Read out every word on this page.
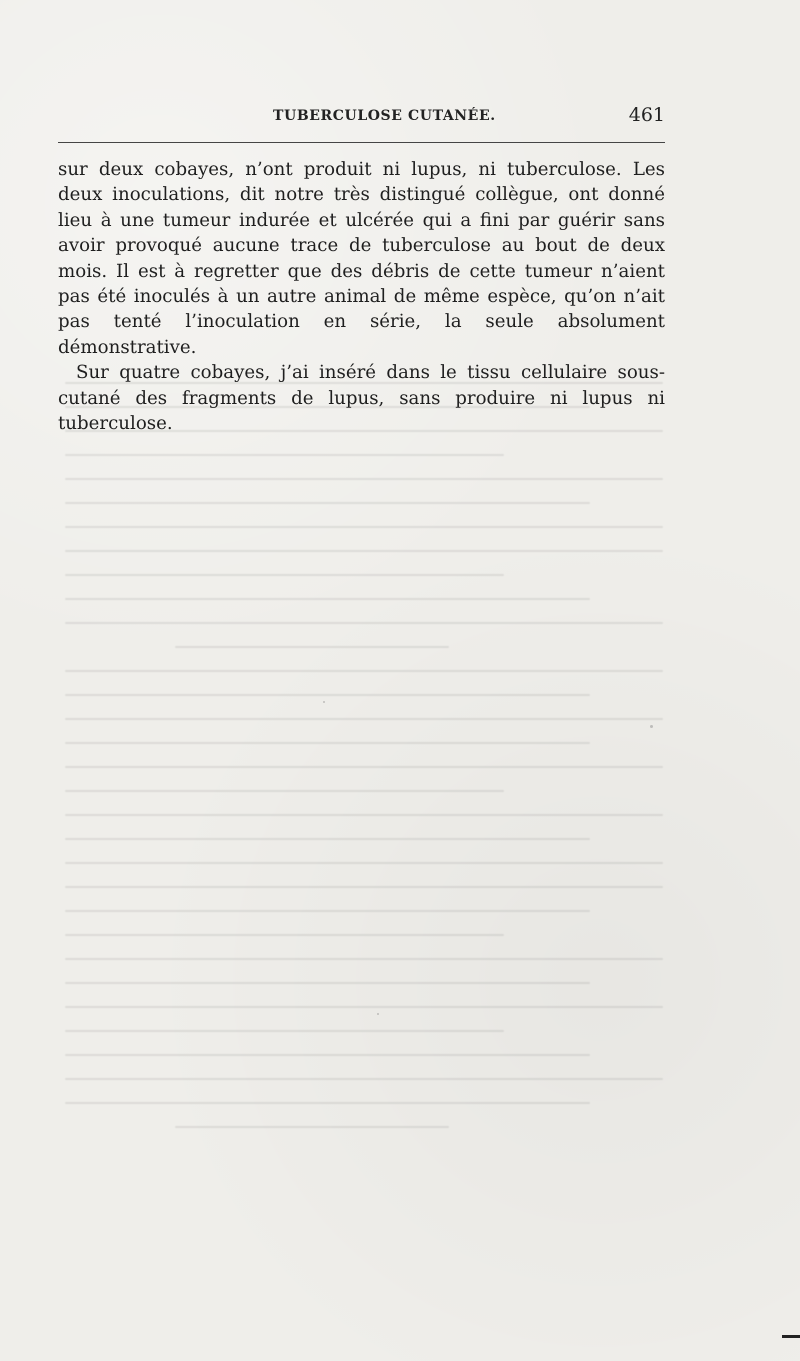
TUBERCULOSE CUTANÉE.	461

sur deux cobayes, n’ont produit ni lupus, ni tuberculose. Les deux inoculations, dit notre très distingué collègue, ont donné lieu à une tumeur indurée et ulcérée qui a fini par guérir sans avoir provoqué aucune trace de tuberculose au bout de deux mois. Il est à regretter que des débris de cette tumeur n’aient pas été inoculés à un autre animal de même espèce, qu’on n’ait pas tenté l’inoculation en série, la seule absolument démonstrative.

Sur quatre cobayes, j’ai inséré dans le tissu cellulaire sous-cutané des fragments de lupus, sans produire ni lupus ni tuberculose.
